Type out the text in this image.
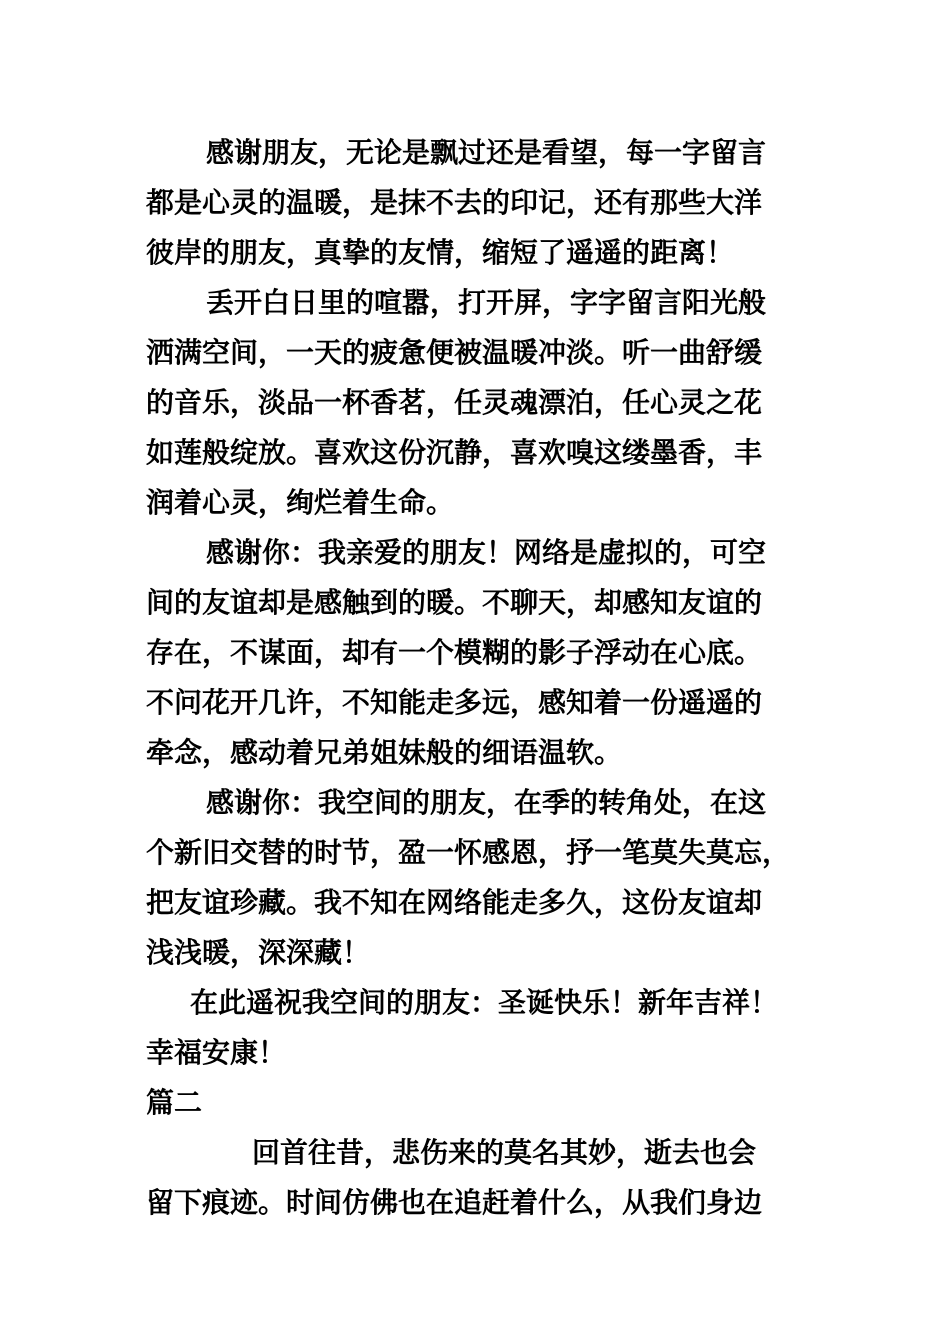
感谢朋友，无论是飘过还是看望，每一字留言

都是心灵的温暖，是抹不去的印记，还有那些大洋

彼岸的朋友，真挚的友情，缩短了遥遥的距离！

丢开白日里的喧嚣，打开屏，字字留言阳光般

洒满空间，一天的疲惫便被温暖冲淡。听一曲舒缓

的音乐，淡品一杯香茗，任灵魂漂泊，任心灵之花

如莲般绽放。喜欢这份沉静，喜欢嗅这缕墨香，丰

润着心灵，绚烂着生命。

感谢你：我亲爱的朋友！网络是虚拟的，可空

间的友谊却是感触到的暖。不聊天，却感知友谊的

存在，不谋面，却有一个模糊的影子浮动在心底。

不问花开几许，不知能走多远，感知着一份遥遥的

牵念，感动着兄弟姐妹般的细语温软。

感谢你：我空间的朋友，在季的转角处，在这

个新旧交替的时节，盈一怀感恩，抒一笔莫失莫忘，

把友谊珍藏。我不知在网络能走多久，这份友谊却

浅浅暖，深深藏！

在此遥祝我空间的朋友：圣诞快乐！新年吉祥！

幸福安康！

篇二

回首往昔，悲伤来的莫名其妙，逝去也会

留下痕迹。时间仿佛也在追赶着什么，从我们身边
